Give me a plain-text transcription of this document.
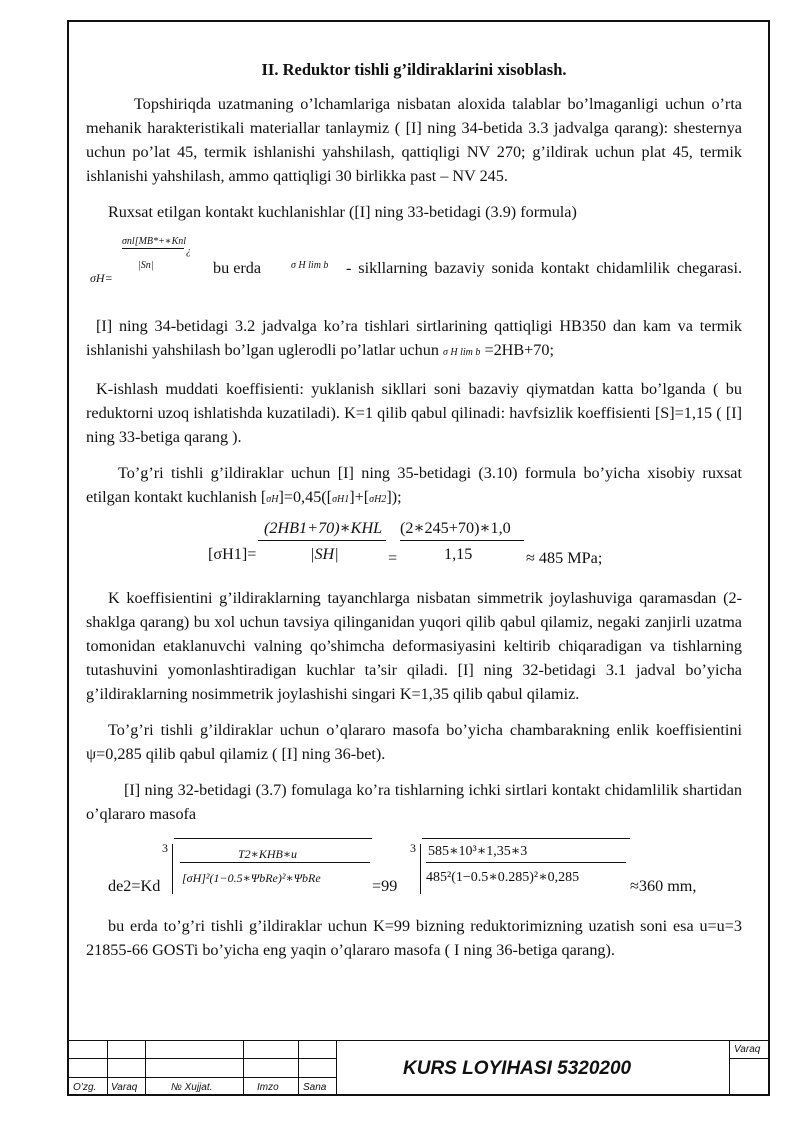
II. Reduktor tishli g’ildiraklarini xisoblash.

Topshiriqda uzatmaning o’lchamlariga nisbatan aloxida talablar bo’lmaganligi uchun o’rta mehanik harakteristikali materiallar tanlaymiz ( [I] ning 34-betida 3.3 jadvalga qarang): shesternya uchun po’lat 45, termik ishlanishi yahshilash, qattiqligi NV 270; g’ildirak uchun plat 45, termik ishlanishi yahshilash, ammo qattiqligi 30 birlikka past – NV 245.

Ruxsat etilgan kontakt kuchlanishlar ([I] ning 33-betidagi (3.9) formula)

σH=
σnl[MB*+∗Knl
|Sn|
¿
bu erda	σ H lim b - sikllarning bazaviy sonida kontakt chidamlilik chegarasi.

[I] ning 34-betidagi 3.2 jadvalga ko’ra tishlari sirtlarining qattiqligi HB350 dan kam va termik ishlanishi yahshilash bo’lgan uglerodli po’latlar uchun σ H lim b =2HB+70;

K-ishlash muddati koeffisienti: yuklanish sikllari soni bazaviy qiymatdan katta bo’lganda ( bu reduktorni uzoq ishlatishda kuzatiladi). K=1 qilib qabul qilinadi: havfsizlik koeffisienti [S]=1,15 ( [I] ning 33-betiga qarang ).

To’g’ri tishli g’ildiraklar uchun [I] ning 35-betidagi (3.10) formula bo’yicha xisobiy ruxsat etilgan kontakt kuchlanish [σH]=0,45([σH1]+[σH2]);

[σH1]=
(2HB1+70)∗KHL
|SH|	=
(2∗245+70)∗1,0
1,15	≈ 485 MPa;

K koeffisientini g’ildiraklarning tayanchlarga nisbatan simmetrik joylashuviga qaramasdan (2-shaklga qarang) bu xol uchun tavsiya qilinganidan yuqori qilib qabul qilamiz, negaki zanjirli uzatma tomonidan etaklanuvchi valning qo’shimcha deformasiyasini keltirib chiqaradigan va tishlarning tutashuvini yomonlashtiradigan kuchlar ta’sir qiladi. [I] ning 32-betidagi 3.1 jadval bo’yicha g’ildiraklarning nosimmetrik joylashishi singari K=1,35 qilib qabul qilamiz.

To’g’ri tishli g’ildiraklar uchun o’qlararo masofa bo’yicha chambarakning enlik koeffisientini ψ=0,285 qilib qabul qilamiz ( [I] ning 36-bet).

[I] ning 32-betidagi (3.7) fomulaga ko’ra tishlarning ichki sirtlari kontakt chidamlilik shartidan o’qlararo masofa

de2=Kd
3	T2∗KHB∗u
[σH]²(1−0.5∗ΨbRe)²∗ΨbRe	=99
3 585∗10³∗1,35∗3
485²(1−0.5∗0.285)²∗0,285	≈360 mm,

bu erda to’g’ri tishli g’ildiraklar uchun K=99 bizning reduktorimizning uzatish soni esa u=u=3 21855-66 GOSTi bo’yicha eng yaqin o’qlararo masofa ( I ning 36-betiga qarang).

O’zg. Varaq	№ Xujjat.	Imzo Sana
KURS LOYIHASI 5320200
Varaq
